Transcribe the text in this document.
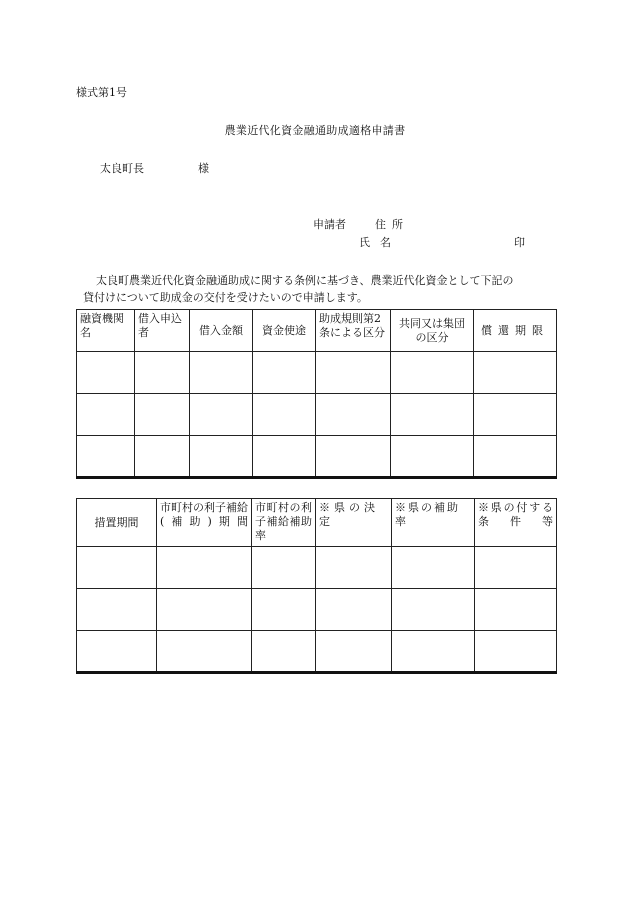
様式第1号
農業近代化資金融通助成適格申請書
太良町長	様
申請者	住所
氏名	印
太良町農業近代化資金融通助成に関する条例に基づき、農業近代化資金として下記の
貸付けについて助成金の交付を受けたいので申請します。
融資機関名	借入申込者	借入金額	資金使途	助成規則第2条による区分	共同又は集団の区分	償還期限

措置期間	市町村の利子補給(補助)期間	市町村の利子補給補助率	※県の決定	※県の補助率	※県の付する条件等
